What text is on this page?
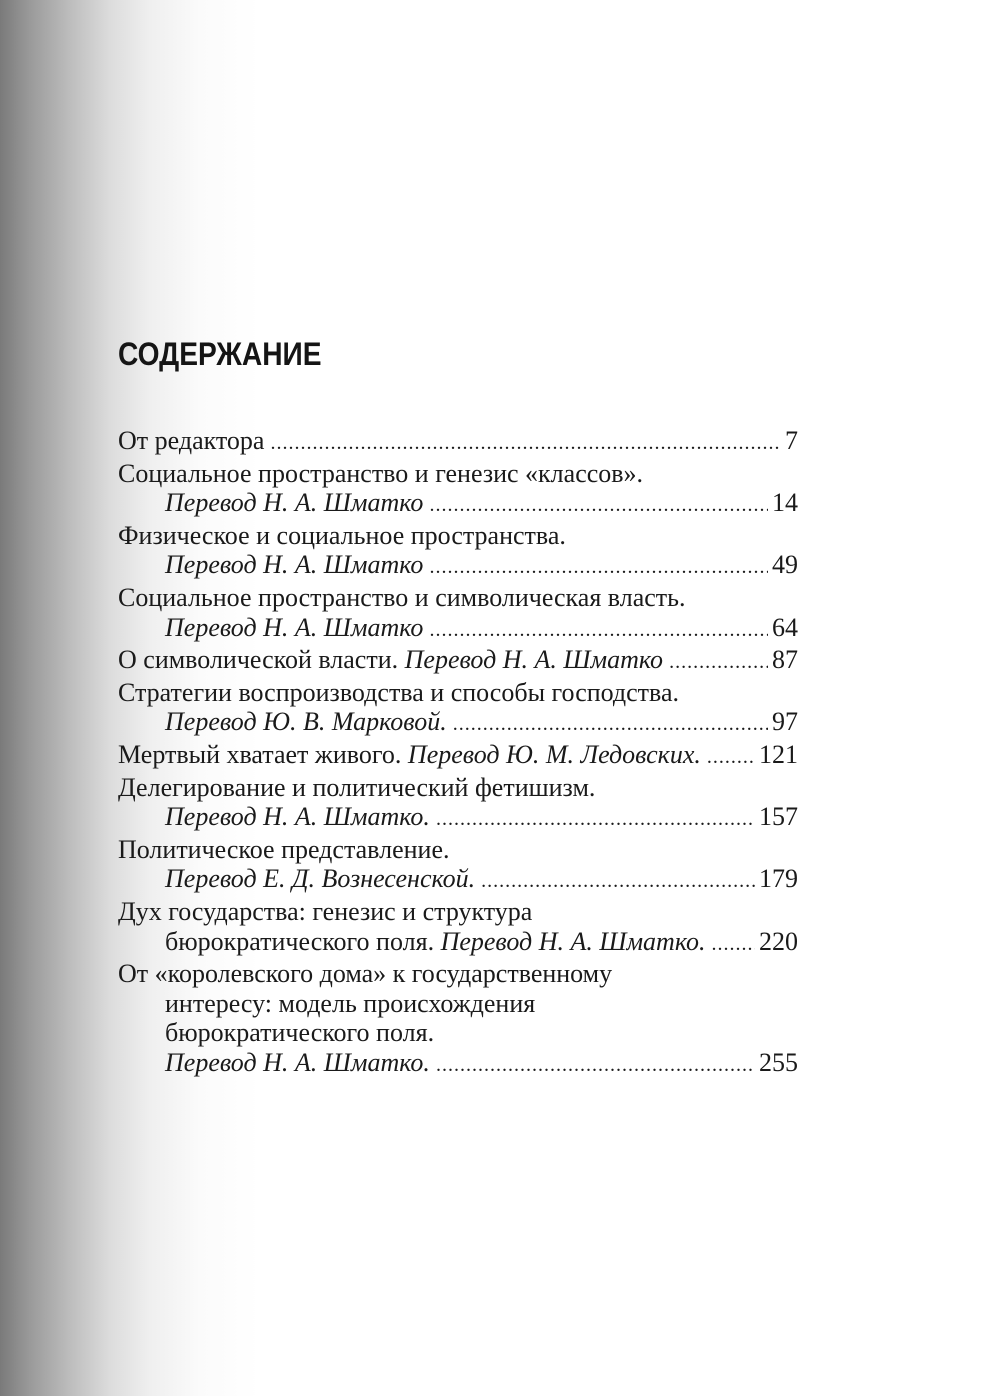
СОДЕРЖАНИЕ
От редактора . . .	7
Социальное пространство и генезис «классов».
Перевод Н. А. Шматко . . .	14
Физическое и социальное пространства.
Перевод Н. А. Шматко . . .	49
Социальное пространство и символическая власть.
Перевод Н. А. Шматко . . .	64
О символической власти. Перевод Н. А. Шматко . . .	87
Стратегии воспроизводства и способы господства.
Перевод Ю. В. Марковой. . . .	97
Мертвый хватает живого. Перевод Ю. М. Ледовских. . . . 121
Делегирование и политический фетишизм.
Перевод Н. А. Шматко. . . .	157
Политическое представление.
Перевод Е. Д. Вознесенской. . . .	179
Дух государства: генезис и структура
бюрократического поля. Перевод Н. А. Шматко. . . . 220
От «королевского дома» к государственному
интересу: модель происхождения
бюрократического поля.
Перевод Н. А. Шматко. . . .	255
